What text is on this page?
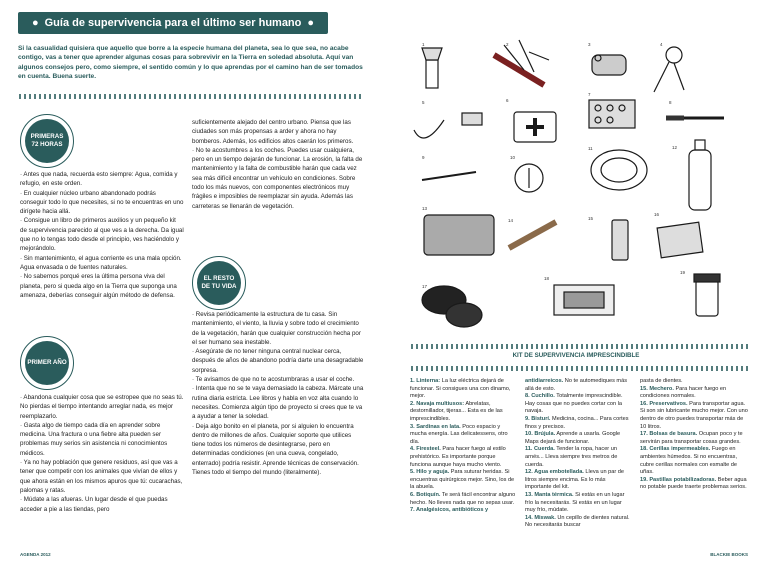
● Guía de supervivencia para el último ser humano ●
Si la casualidad quisiera que aquello que borre a la especie humana del planeta, sea lo que sea, no acabe contigo, vas a tener que aprender algunas cosas para sobrevivir en la Tierra en soledad absoluta. Aquí van algunos consejos pero, como siempre, el sentido común y lo que aprendas por el camino han de ser tomados en cuenta. Buena suerte.
PRIMERAS 72 HORAS
PRIMER AÑO
EL RESTO DE TU VIDA

· Antes que nada, recuerda esto siempre: Agua, comida y refugio, en este orden.

· En cualquier núcleo urbano abandonado podrás conseguir todo lo que necesites, si no te encuentras en uno dirígete hacia allá.

· Consigue un libro de primeros auxilios y un pequeño kit de supervivencia parecido al que ves a la derecha. Da igual que no lo tengas todo desde el principio, ves haciéndolo y mejorándolo.

· Sin mantenimiento, el agua corriente es una mala opción. Agua envasada o de fuentes naturales.

· No sabemos porqué eres la última persona viva del planeta, pero si queda algo en la Tierra que suponga una amenaza, deberías conseguir algún método de defensa.

· Abandona cualquier cosa que se estropee que no seas tú. No pierdas el tiempo intentando arreglar nada, es mejor reemplazarlo.

· Gasta algo de tiempo cada día en aprender sobre medicina. Una fractura o una fiebre alta pueden ser problemas muy serios sin asistencia ni conocimientos médicos.

· Ya no hay población que genere residuos, así que vas a tener que competir con los animales que vivían de ellos y que ahora están en los mismos apuros que tú: cucarachas, palomas y ratas.

· Múdate a las afueras. Un lugar desde el que puedas acceder a pie a las tiendas, pero

suficientemente alejado del centro urbano. Piensa que las ciudades son más propensas a arder y ahora no hay bomberos. Además, los edificios altos caerán los primeros.

· No te acostumbres a los coches. Puedes usar cualquiera, pero en un tiempo dejarán de funcionar. La erosión, la falta de mantenimiento y la falta de combustible harán que cada vez sea más difícil encontrar un vehículo en condiciones. Sobre todo los más nuevos, con componentes electrónicos muy frágiles e imposibles de reemplazar sin ayuda. Además las carreteras se llenarán de vegetación.

· Revisa periódicamente la estructura de tu casa. Sin mantenimiento, el viento, la lluvia y sobre todo el crecimiento de la vegetación, harán que cualquier construcción hecha por el ser humano sea inestable.

· Asegúrate de no tener ninguna central nuclear cerca, después de años de abandono podría darte una desagradable sorpresa.

· Te avisamos de que no te acostumbraras a usar el coche.

· Intenta que no se te vaya demasiado la cabeza. Márcate una rutina diaria estricta. Lee libros y habla en voz alta cuando lo necesites. Comienza algún tipo de proyecto si crees que te va a ayudar a tener la soledad.

· Deja algo bonito en el planeta, por si alguien lo encuentra dentro de millones de años. Cualquier soporte que utilices tiene todos los números de desintegrarse, pero en determinadas condiciones (en una cueva, congelado, enterrado) podría resistir. Aprende técnicas de conservación. Tienes todo el tiempo del mundo (literalmente).

AGENDA 2012
1	2	3	4
5	6
7
8
9	10
11	12
13
14	15
16
17
18
19
KIT DE SUPERVIVENCIA IMPRESCINDIBLE
1. Linterna: La luz eléctrica dejará de funcionar. Si consigues una con dinamo, mejor.
2. Navaja multiusos: Abrelatas, destornillador, tijeras... Esta es de las imprescindibles.
3. Sardinas en lata. Poco espacio y mucha energía. Las delicatessens, otro día.
4. Firesteel. Para hacer fuego al estilo prehistórico. Es importante porque funciona aunque haya mucho viento.
5. Hilo y aguja. Para suturar heridas. Si encuentras quirúrgicos mejor. Sino, los de la abuela.
6. Botiquín. Te será fácil encontrar alguno hecho. No lleves nada que no sepas usar.
7. Analgésicos, antibióticos y
antidiarreicos. No te automediques más allá de esto.
8. Cuchillo. Totalmente imprescindible. Hay cosas que no puedes cortar con la navaja.
9. Bisturí. Medicina, cocina... Para cortes finos y precisos.
10. Brújula. Aprende a usarla. Google Maps dejará de funcionar.
11. Cuerda. Tender la ropa, hacer un arnés... Lleva siempre tres metros de cuerda.
12. Agua embotellada. Lleva un par de litros siempre encima. Es lo más importante del kit.
13. Manta térmica. Si estás en un lugar frío la necesitarás. Si estás en un lugar muy frío, múdate.
14. Miswak. Un cepillo de dientes natural. No necesitarás buscar
pasta de dientes.
15. Mechero. Para hacer fuego en condiciones normales.
16. Preservativos. Para transportar agua. Si son sin lubricante mucho mejor. Con uno dentro de otro puedes transportar más de 10 litros.
17. Bolsas de basura. Ocupan poco y te servirán para transportar cosas grandes.
18. Cerillas impermeables. Fuego en ambientes húmedos. Si no encuentras, cubre cerillas normales con esmalte de uñas.
19. Pastillas potabilizadoras. Beber agua no potable puede traerte problemas serios.
BLACKIE BOOKS
